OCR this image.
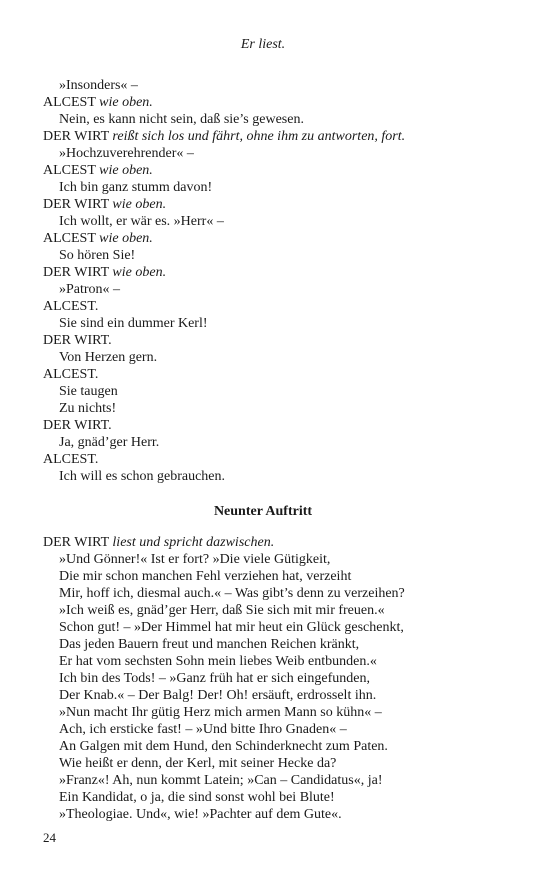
Er liest.
»Insonders« –
ALCEST wie oben.
Nein, es kann nicht sein, daß sie’s gewesen.
DER WIRT reißt sich los und fährt, ohne ihm zu antworten, fort.
»Hochzuverehrender« –
ALCEST wie oben.
Ich bin ganz stumm davon!
DER WIRT wie oben.
Ich wollt, er wär es. »Herr« –
ALCEST wie oben.
So hören Sie!
DER WIRT wie oben.
»Patron« –
ALCEST.
Sie sind ein dummer Kerl!
DER WIRT.
Von Herzen gern.
ALCEST.
Sie taugen
Zu nichts!
DER WIRT.
Ja, gnäd’ger Herr.
ALCEST.
Ich will es schon gebrauchen.
Neunter Auftritt
DER WIRT liest und spricht dazwischen.
»Und Gönner!« Ist er fort? »Die viele Gütigkeit,
Die mir schon manchen Fehl verziehen hat, verzeiht
Mir, hoff ich, diesmal auch.« – Was gibt’s denn zu verzeihen?
»Ich weiß es, gnäd’ger Herr, daß Sie sich mit mir freuen.«
Schon gut! – »Der Himmel hat mir heut ein Glück geschenkt,
Das jeden Bauern freut und manchen Reichen kränkt,
Er hat vom sechsten Sohn mein liebes Weib entbunden.«
Ich bin des Tods! – »Ganz früh hat er sich eingefunden,
Der Knab.« – Der Balg! Der! Oh! ersäuft, erdrosselt ihn.
»Nun macht Ihr gütig Herz mich armen Mann so kühn« –
Ach, ich ersticke fast! – »Und bitte Ihro Gnaden« –
An Galgen mit dem Hund, den Schinderknecht zum Paten.
Wie heißt er denn, der Kerl, mit seiner Hecke da?
»Franz«! Ah, nun kommt Latein; »Can – Candidatus«, ja!
Ein Kandidat, o ja, die sind sonst wohl bei Blute!
»Theologiae. Und«, wie! »Pachter auf dem Gute«.
24
